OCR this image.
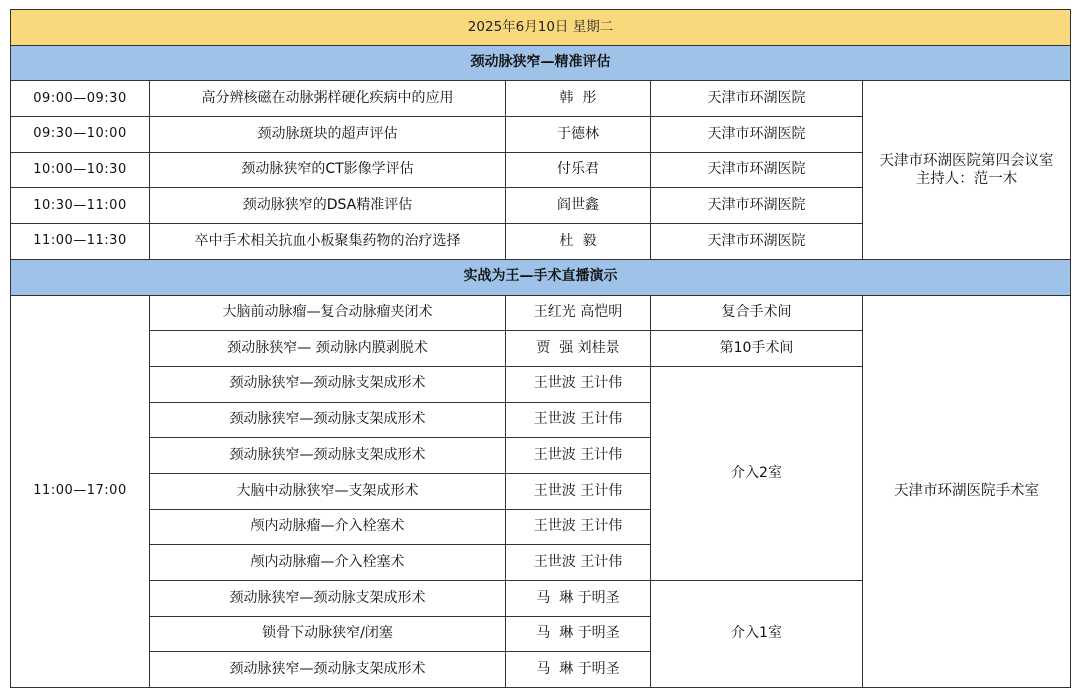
2025年6月10日 星期二				
颈动脉狭窄—精准评估				
09:00—09:30	高分辨核磁在动脉粥样硬化疾病中的应用	韩  彤	天津市环湖医院	天津市环湖医院第四会议室
主持人：范一木

09:30—10:00	颈动脉斑块的超声评估	于德林	天津市环湖医院	
10:00—10:30	颈动脉狭窄的CT影像学评估	付乐君	天津市环湖医院	
10:30—11:00	颈动脉狭窄的DSA精准评估	阎世鑫	天津市环湖医院	
11:00—11:30	卒中手术相关抗血小板聚集药物的治疗选择	杜  毅	天津市环湖医院	
实战为王—手术直播演示				
11:00—17:00	大脑前动脉瘤—复合动脉瘤夹闭术	王红光 高恺明	复合手术间	天津市环湖医院手术室
	颈动脉狭窄— 颈动脉内膜剥脱术	贾  强 刘桂景	第10手术间	
	颈动脉狭窄—颈动脉支架成形术	王世波 王计伟	介入2室	
	颈动脉狭窄—颈动脉支架成形术	王世波 王计伟		
	颈动脉狭窄—颈动脉支架成形术	王世波 王计伟		
	大脑中动脉狭窄—支架成形术	王世波 王计伟		
	颅内动脉瘤—介入栓塞术	王世波 王计伟		
	颅内动脉瘤—介入栓塞术	王世波 王计伟		
	颈动脉狭窄—颈动脉支架成形术	马  琳 于明圣	介入1室	
	锁骨下动脉狭窄/闭塞	马  琳 于明圣		
	颈动脉狭窄—颈动脉支架成形术	马  琳 于明圣		
